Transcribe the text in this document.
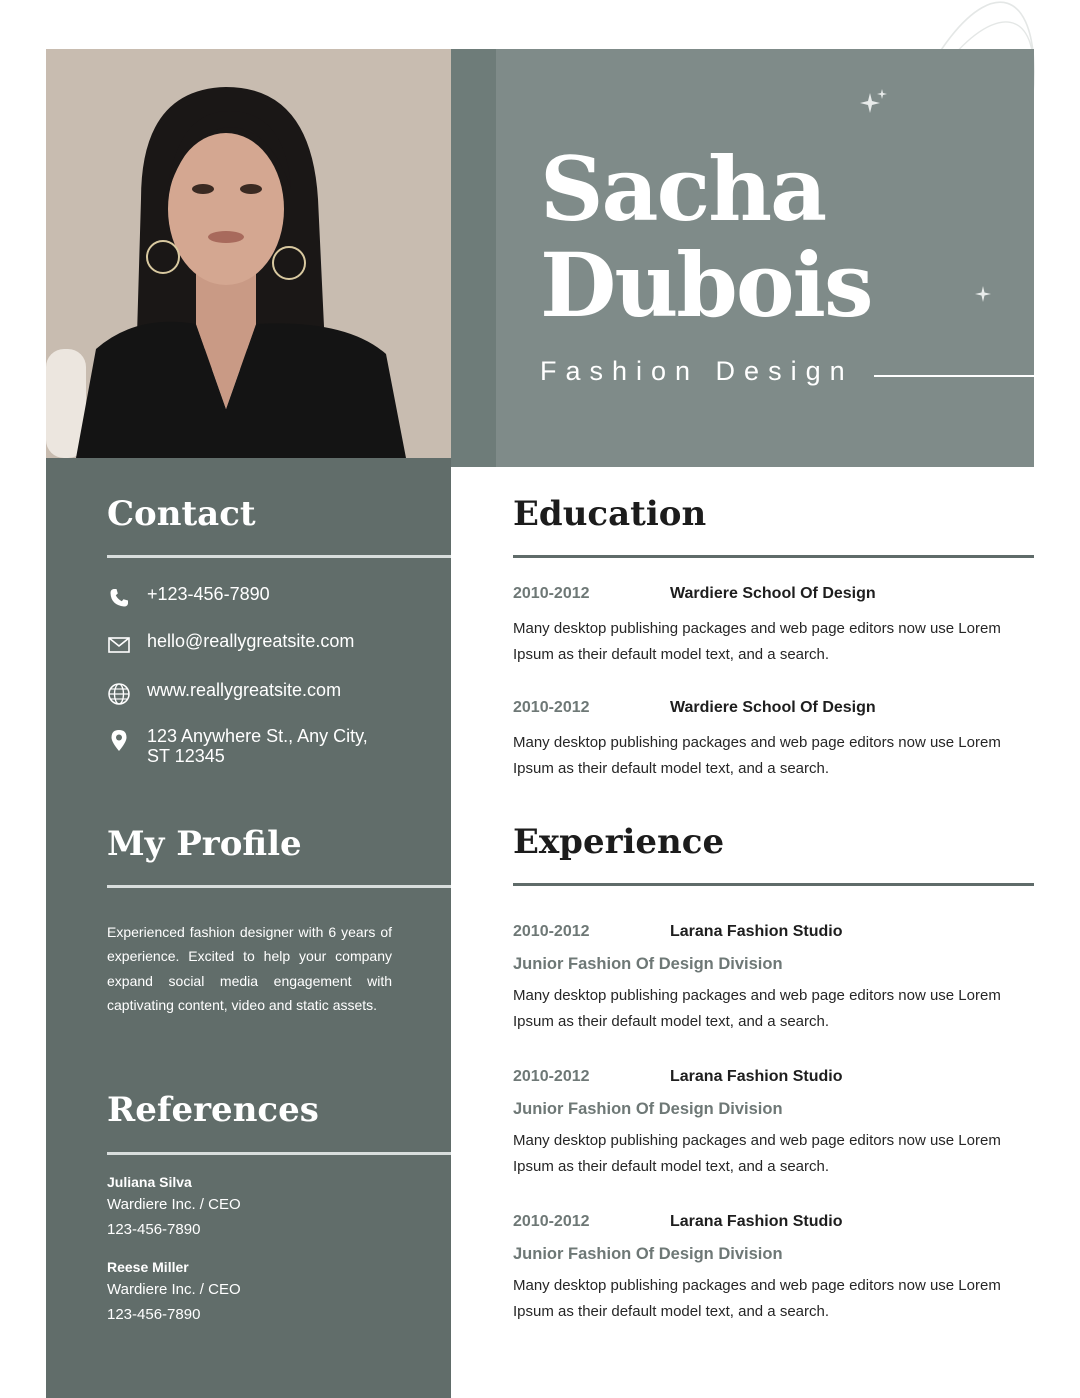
Sacha
Dubois
Fashion Design
Contact
+123-456-7890
hello@reallygreatsite.com
www.reallygreatsite.com
123 Anywhere St., Any City, ST 12345
My Profile
Experienced fashion designer with 6 years of experience. Excited to help your company expand social media engagement with captivating content, video and static assets.
References
Juliana Silva
Wardiere Inc. / CEO
123-456-7890
Reese Miller
Wardiere Inc. / CEO
123-456-7890
Education
2010-2012	Wardiere School Of Design
Many desktop publishing packages and web page editors now use Lorem Ipsum as their default model text, and a search.
2010-2012	Wardiere School Of Design
Many desktop publishing packages and web page editors now use Lorem Ipsum as their default model text, and a search.
Experience
2010-2012	Larana Fashion Studio
Junior Fashion Of Design Division
Many desktop publishing packages and web page editors now use Lorem Ipsum as their default model text, and a search.
2010-2012	Larana Fashion Studio
Junior Fashion Of Design Division
Many desktop publishing packages and web page editors now use Lorem Ipsum as their default model text, and a search.
2010-2012	Larana Fashion Studio
Junior Fashion Of Design Division
Many desktop publishing packages and web page editors now use Lorem Ipsum as their default model text, and a search.
